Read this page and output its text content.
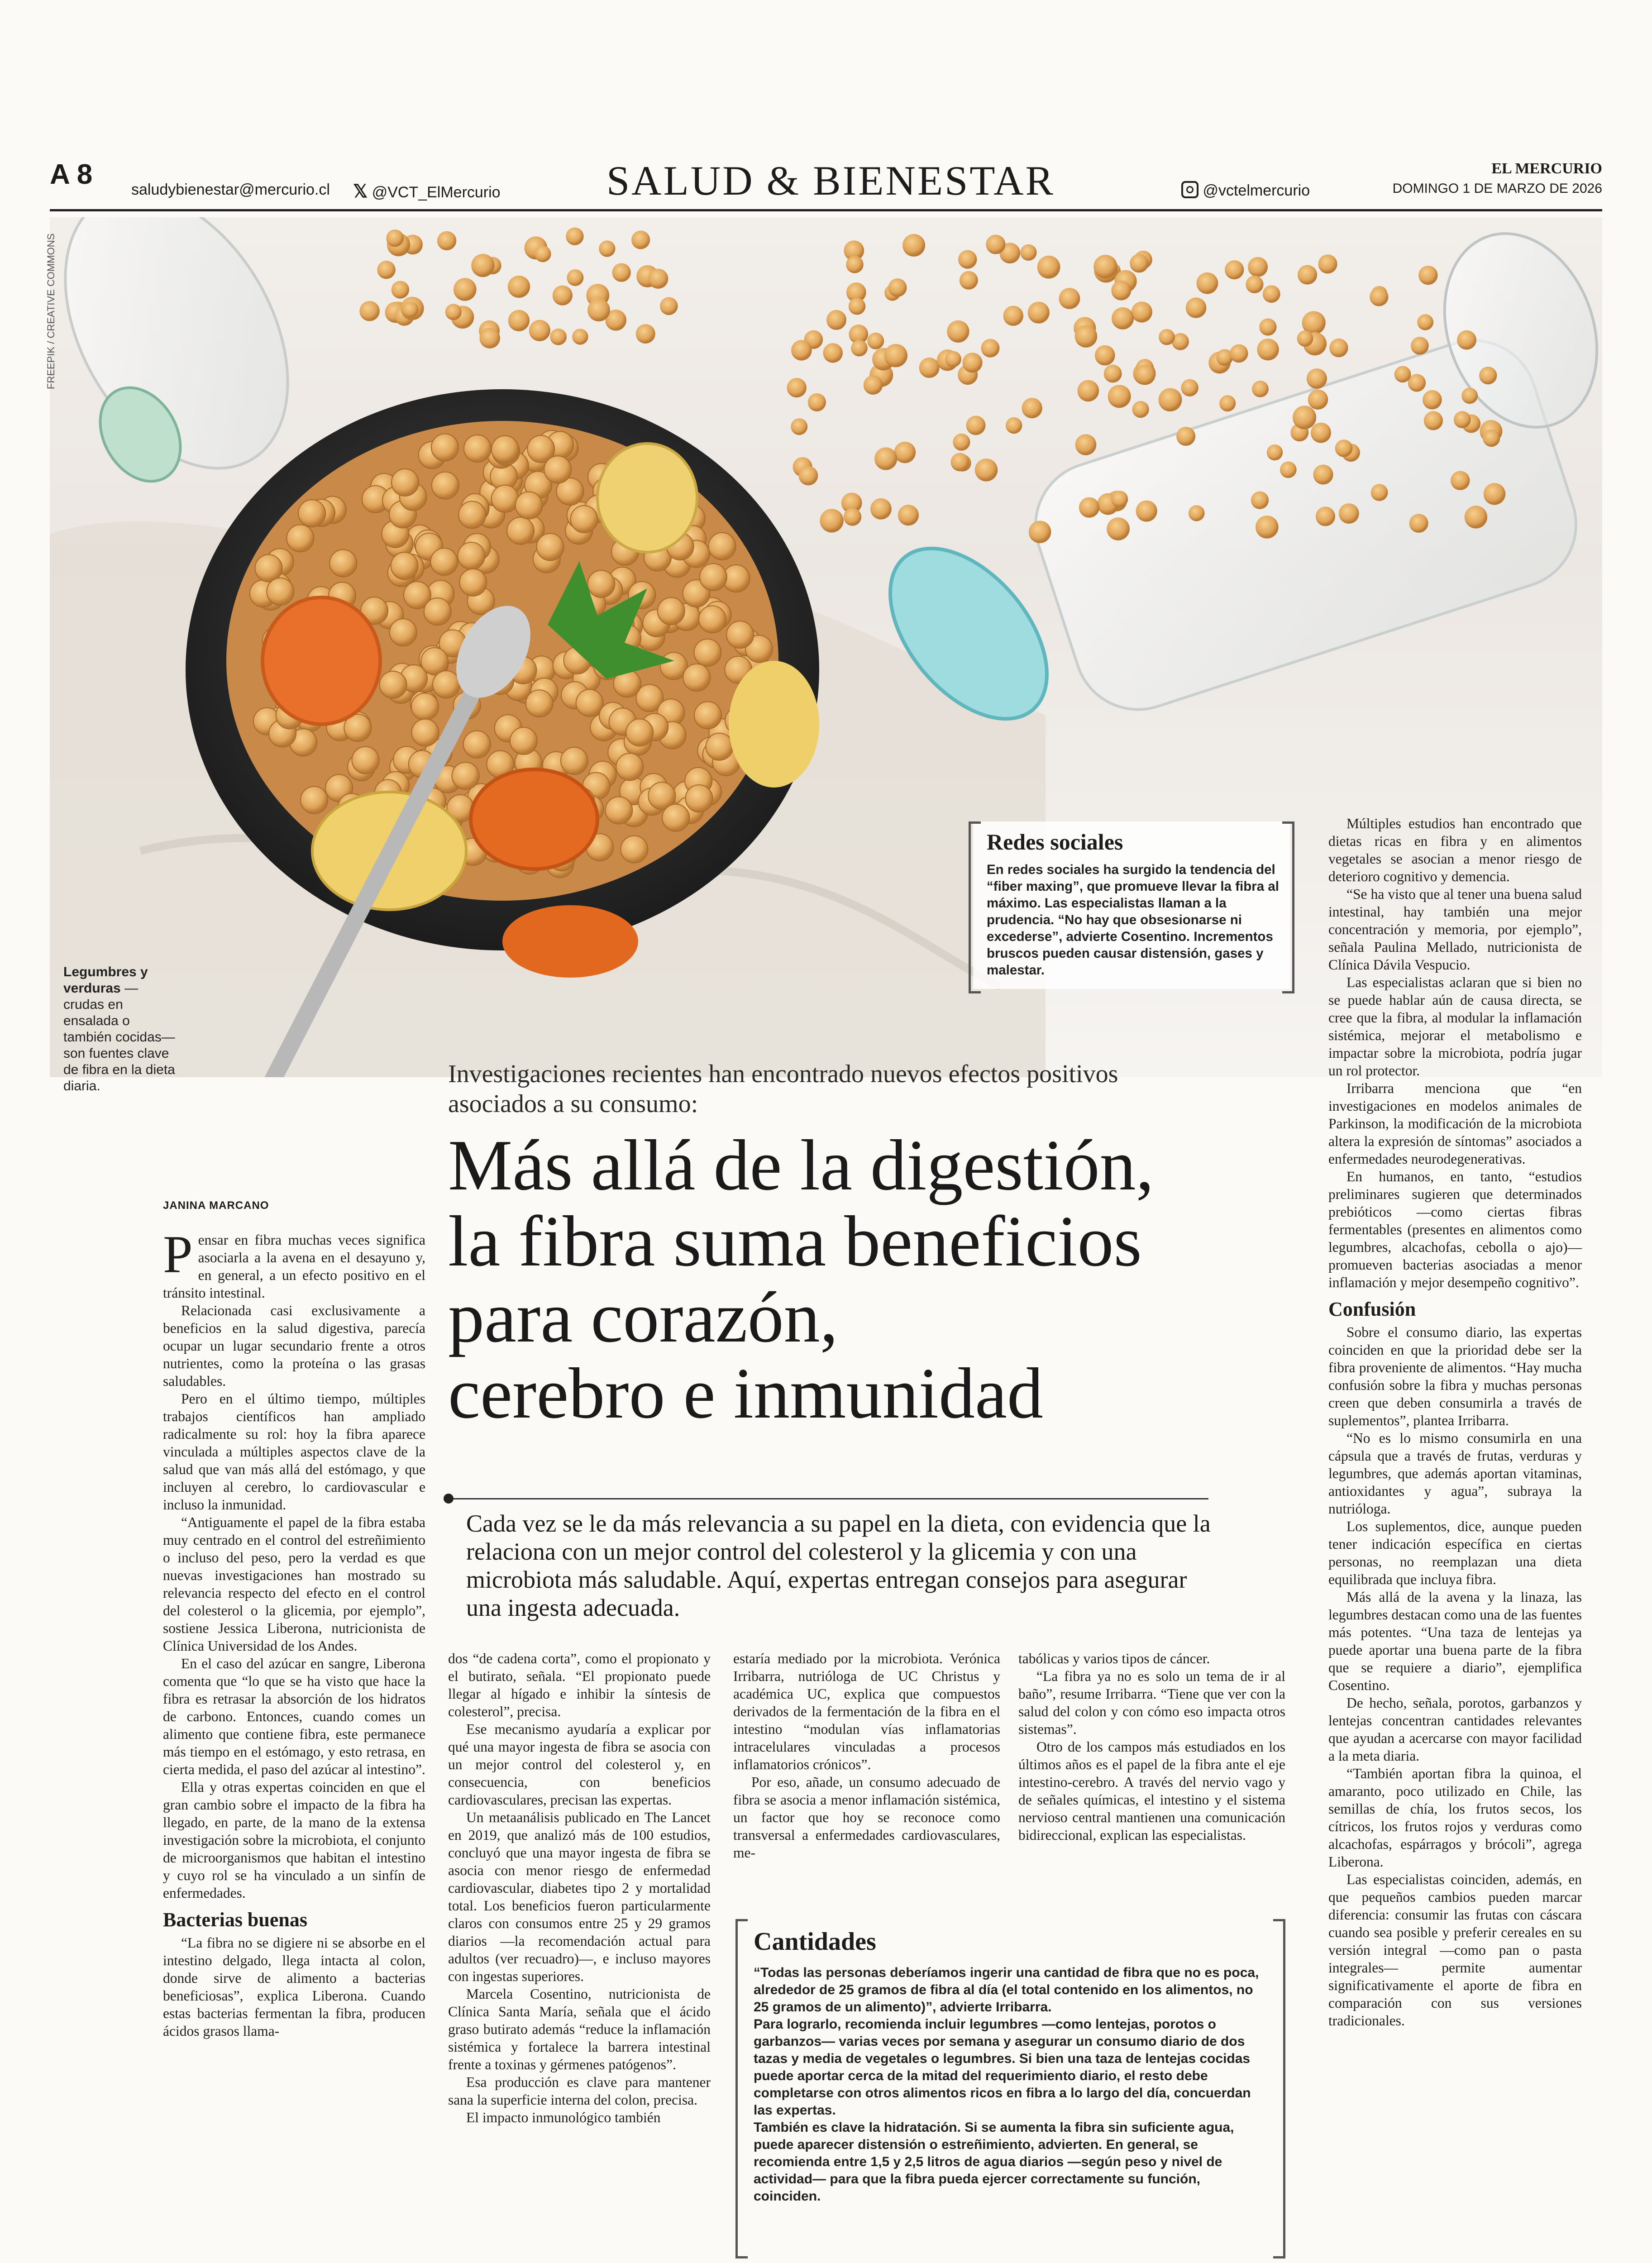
A 8	saludybienestar@mercurio.cl 𝕏 @VCT_ElMercurio	SALUD & BIENESTAR	@vctelmercurio
EL MERCURIO
DOMINGO 1 DE MARZO DE 2026
FREEPIK / CREATIVE COMMONS
Legumbres y verduras —crudas en ensalada o también cocidas— son fuentes clave de fibra en la dieta diaria.
Redes sociales
En redes sociales ha surgido la tendencia del “fiber maxing”, que promueve llevar la fibra al máximo. Las especialistas llaman a la prudencia. “No hay que obsesionarse ni excederse”, advierte Cosentino. Incrementos bruscos pueden causar distensión, gases y malestar.
Investigaciones recientes han encontrado nuevos efectos positivos asociados a su consumo:
Más allá de la digestión,
la fibra suma beneficios
para corazón,
cerebro e inmunidad
Cada vez se le da más relevancia a su papel en la dieta, con evidencia que la relaciona con un mejor control del colesterol y la glicemia y con una microbiota más saludable. Aquí, expertas entregan consejos para asegurar una ingesta adecuada.
JANINA MARCANO

Pensar en fibra muchas veces significa asociarla a la avena en el desayuno y, en general, a un efecto positivo en el tránsito intestinal.

Relacionada casi exclusivamente a beneficios en la salud digestiva, parecía ocupar un lugar secundario frente a otros nutrientes, como la proteína o las grasas saludables.

Pero en el último tiempo, múltiples trabajos científicos han ampliado radicalmente su rol: hoy la fibra aparece vinculada a múltiples aspectos clave de la salud que van más allá del estómago, y que incluyen al cerebro, lo cardiovascular e incluso la inmunidad.

“Antiguamente el papel de la fibra estaba muy centrado en el control del estreñimiento o incluso del peso, pero la verdad es que nuevas investigaciones han mostrado su relevancia respecto del efecto en el control del colesterol o la glicemia, por ejemplo”, sostiene Jessica Liberona, nutricionista de Clínica Universidad de los Andes.

En el caso del azúcar en sangre, Liberona comenta que “lo que se ha visto que hace la fibra es retrasar la absorción de los hidratos de carbono. Entonces, cuando comes un alimento que contiene fibra, este permanece más tiempo en el estómago, y esto retrasa, en cierta medida, el paso del azúcar al intestino”.

Ella y otras expertas coinciden en que el gran cambio sobre el impacto de la fibra ha llegado, en parte, de la mano de la extensa investigación sobre la microbiota, el conjunto de microorganismos que habitan el intestino y cuyo rol se ha vinculado a un sinfín de enfermedades.

Bacterias buenas

“La fibra no se digiere ni se absorbe en el intestino delgado, llega intacta al colon, donde sirve de alimento a bacterias beneficiosas”, explica Liberona. Cuando estas bacterias fermentan la fibra, producen ácidos grasos llama-

dos “de cadena corta”, como el propionato y el butirato, señala. “El propionato puede llegar al hígado e inhibir la síntesis de colesterol”, precisa.

Ese mecanismo ayudaría a explicar por qué una mayor ingesta de fibra se asocia con un mejor control del colesterol y, en consecuencia, con beneficios cardiovasculares, precisan las expertas.

Un metaanálisis publicado en The Lancet en 2019, que analizó más de 100 estudios, concluyó que una mayor ingesta de fibra se asocia con menor riesgo de enfermedad cardiovascular, diabetes tipo 2 y mortalidad total. Los beneficios fueron particularmente claros con consumos entre 25 y 29 gramos diarios —la recomendación actual para adultos (ver recuadro)—, e incluso mayores con ingestas superiores.

Marcela Cosentino, nutricionista de Clínica Santa María, señala que el ácido graso butirato además “reduce la inflamación sistémica y fortalece la barrera intestinal frente a toxinas y gérmenes patógenos”.

Esa producción es clave para mantener sana la superficie interna del colon, precisa.

El impacto inmunológico también

estaría mediado por la microbiota. Verónica Irribarra, nutrióloga de UC Christus y académica UC, explica que compuestos derivados de la fermentación de la fibra en el intestino “modulan vías inflamatorias intracelulares vinculadas a procesos inflamatorios crónicos”.

Por eso, añade, un consumo adecuado de fibra se asocia a menor inflamación sistémica, un factor que hoy se reconoce como transversal a enfermedades cardiovasculares, me-

tabólicas y varios tipos de cáncer.

“La fibra ya no es solo un tema de ir al baño”, resume Irribarra. “Tiene que ver con la salud del colon y con cómo eso impacta otros sistemas”.

Otro de los campos más estudiados en los últimos años es el papel de la fibra ante el eje intestino-cerebro. A través del nervio vago y de señales químicas, el intestino y el sistema nervioso central mantienen una comunicación bidireccional, explican las especialistas.

Cantidades
“Todas las personas deberíamos ingerir una cantidad de fibra que no es poca, alrededor de 25 gramos de fibra al día (el total contenido en los alimentos, no 25 gramos de un alimento)”, advierte Irribarra.
Para lograrlo, recomienda incluir legumbres —como lentejas, porotos o garbanzos— varias veces por semana y asegurar un consumo diario de dos tazas y media de vegetales o legumbres. Si bien una taza de lentejas cocidas puede aportar cerca de la mitad del requerimiento diario, el resto debe completarse con otros alimentos ricos en fibra a lo largo del día, concuerdan las expertas.
También es clave la hidratación. Si se aumenta la fibra sin suficiente agua, puede aparecer distensión o estreñimiento, advierten. En general, se recomienda entre 1,5 y 2,5 litros de agua diarios —según peso y nivel de actividad— para que la fibra pueda ejercer correctamente su función, coinciden.

Múltiples estudios han encontrado que dietas ricas en fibra y en alimentos vegetales se asocian a menor riesgo de deterioro cognitivo y demencia.

“Se ha visto que al tener una buena salud intestinal, hay también una mejor concentración y memoria, por ejemplo”, señala Paulina Mellado, nutricionista de Clínica Dávila Vespucio.

Las especialistas aclaran que si bien no se puede hablar aún de causa directa, se cree que la fibra, al modular la inflamación sistémica, mejorar el metabolismo e impactar sobre la microbiota, podría jugar un rol protector.

Irribarra menciona que “en investigaciones en modelos animales de Parkinson, la modificación de la microbiota altera la expresión de síntomas” asociados a enfermedades neurodegenerativas.

En humanos, en tanto, “estudios preliminares sugieren que determinados prebióticos —como ciertas fibras fermentables (presentes en alimentos como legumbres, alcachofas, cebolla o ajo)— promueven bacterias asociadas a menor inflamación y mejor desempeño cognitivo”.

Confusión

Sobre el consumo diario, las expertas coinciden en que la prioridad debe ser la fibra proveniente de alimentos. “Hay mucha confusión sobre la fibra y muchas personas creen que deben consumirla a través de suplementos”, plantea Irribarra.

“No es lo mismo consumirla en una cápsula que a través de frutas, verduras y legumbres, que además aportan vitaminas, antioxidantes y agua”, subraya la nutrióloga.

Los suplementos, dice, aunque pueden tener indicación específica en ciertas personas, no reemplazan una dieta equilibrada que incluya fibra.

Más allá de la avena y la linaza, las legumbres destacan como una de las fuentes más potentes. “Una taza de lentejas ya puede aportar una buena parte de la fibra que se requiere a diario”, ejemplifica Cosentino.

De hecho, señala, porotos, garbanzos y lentejas concentran cantidades relevantes que ayudan a acercarse con mayor facilidad a la meta diaria.

“También aportan fibra la quinoa, el amaranto, poco utilizado en Chile, las semillas de chía, los frutos secos, los cítricos, los frutos rojos y verduras como alcachofas, espárragos y brócoli”, agrega Liberona.

Las especialistas coinciden, además, en que pequeños cambios pueden marcar diferencia: consumir las frutas con cáscara cuando sea posible y preferir cereales en su versión integral —como pan o pasta integrales— permite aumentar significativamente el aporte de fibra en comparación con sus versiones tradicionales.
